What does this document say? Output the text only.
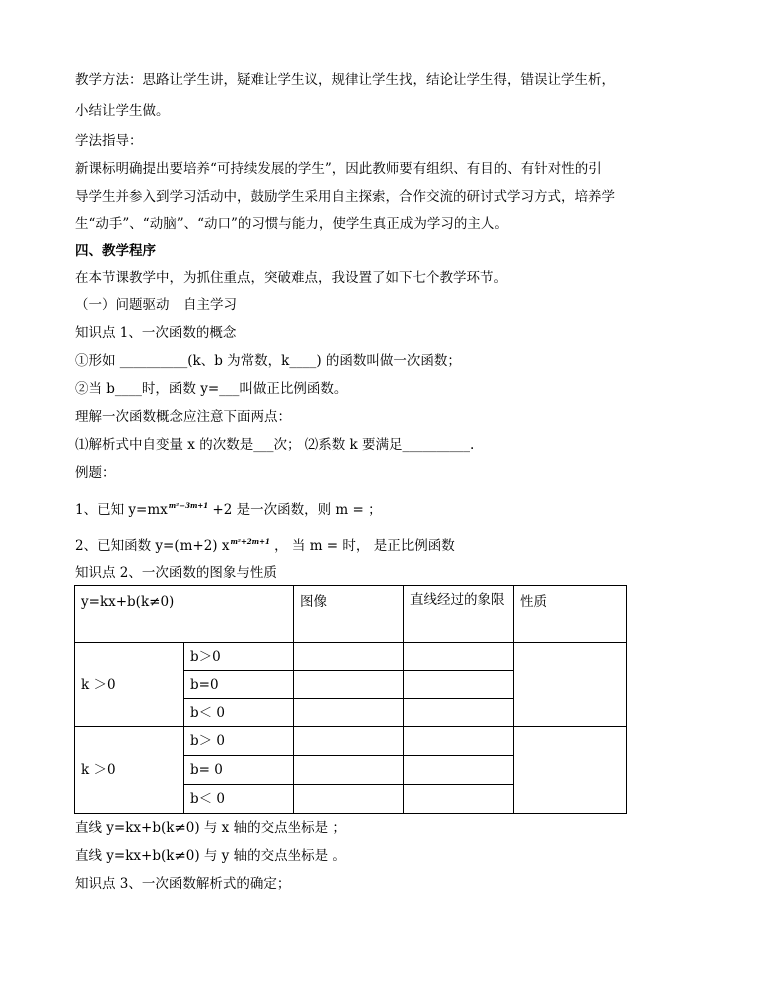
教学方法：思路让学生讲，疑难让学生议，规律让学生找，结论让学生得，错误让学生析，
小结让学生做。
学法指导：
新课标明确提出要培养“可持续发展的学生”，因此教师要有组织、有目的、有针对性的引
导学生并参入到学习活动中，鼓励学生采用自主探索，合作交流的研讨式学习方式，培养学
生“动手”、“动脑”、“动口”的习惯与能力，使学生真正成为学习的主人。
四、教学程序
在本节课教学中，为抓住重点，突破难点，我设置了如下七个教学环节。
（一）问题驱动　自主学习
知识点 1、一次函数的概念
①形如 __________(k、b 为常数，k____) 的函数叫做一次函数；
②当 b____时，函数 y=___叫做正比例函数。
理解一次函数概念应注意下面两点：
⑴解析式中自变量 x 的次数是___次； ⑵系数 k 要满足__________.
例题：
1、已知 $y=mx^{m^2-3m+1} +2$ 是一次函数，则 m = ；
2、已知函数 y=(m+2) $x^{m^2+2m+1}$ ， 当 m = 时， 是正比例函数
知识点 2、一次函数的图象与性质
y=kx+b(k≠0)		图像	直线经过的象限	性质
k ＞0	b＞0			
	b=0			
	b＜ 0			
k ＞0	b＞ 0			
	b= 0			
	b＜ 0			
直线 y=kx+b(k≠0) 与 x 轴的交点坐标是 ；
直线 y=kx+b(k≠0) 与 y 轴的交点坐标是 。
知识点 3、一次函数解析式的确定；
